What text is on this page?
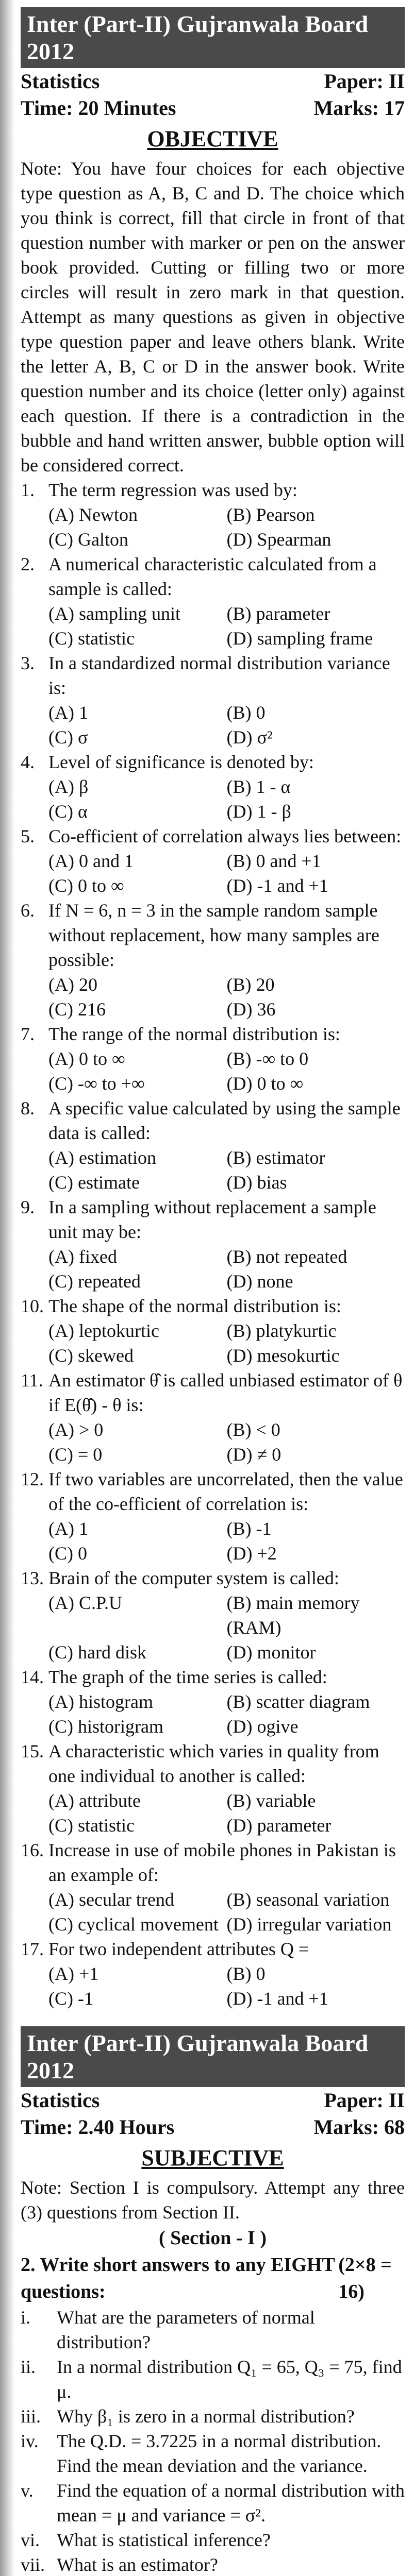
Inter (Part-II) Gujranwala Board 2012
Statistics	Paper: II
Time: 20 Minutes	Marks: 17
OBJECTIVE
Note: You have four choices for each objective type question as A, B, C and D. The choice which you think is correct, fill that circle in front of that question number with marker or pen on the answer book provided. Cutting or filling two or more circles will result in zero mark in that question. Attempt as many questions as given in objective type question paper and leave others blank. Write the letter A, B, C or D in the answer book. Write question number and its choice (letter only) against each question. If there is a contradiction in the bubble and hand written answer, bubble option will be considered correct.
1. The term regression was used by:
(A) Newton	(B) Pearson
(C) Galton	(D) Spearman
2. A numerical characteristic calculated from a sample is called:
(A) sampling unit	(B) parameter
(C) statistic	(D) sampling frame
3. In a standardized normal distribution variance is:
(A) 1	(B) 0
(C) σ	(D) σ²
4. Level of significance is denoted by:
(A) β	(B) 1 - α
(C) α	(D) 1 - β
5. Co-efficient of correlation always lies between:
(A) 0 and 1	(B) 0 and +1
(C) 0 to ∞	(D) -1 and +1
6. If N = 6, n = 3 in the sample random sample without replacement, how many samples are possible:
(A) 20	(B) 20
(C) 216	(D) 36
7. The range of the normal distribution is:
(A) 0 to ∞	(B) -∞ to 0
(C) -∞ to +∞	(D) 0 to ∞
8. A specific value calculated by using the sample data is called:
(A) estimation	(B) estimator
(C) estimate	(D) bias
9. In a sampling without replacement a sample unit may be:
(A) fixed	(B) not repeated
(C) repeated	(D) none
10. The shape of the normal distribution is:
(A) leptokurtic	(B) platykurtic
(C) skewed	(D) mesokurtic
11. An estimator θ̂ is called unbiased estimator of θ if E(θ̂) - θ is:
(A) > 0	(B) < 0
(C) = 0	(D) ≠ 0
12. If two variables are uncorrelated, then the value of the co-efficient of correlation is:
(A) 1	(B) -1
(C) 0	(D) +2
13. Brain of the computer system is called:
(A) C.P.U	(B) main memory (RAM)
(C) hard disk	(D) monitor
14. The graph of the time series is called:
(A) histogram	(B) scatter diagram
(C) historigram	(D) ogive
15. A characteristic which varies in quality from one individual to another is called:
(A) attribute	(B) variable
(C) statistic	(D) parameter
16. Increase in use of mobile phones in Pakistan is an example of:
(A) secular trend	(B) seasonal variation
(C) cyclical movement (D) irregular variation
17. For two independent attributes Q =
(A) +1	(B) 0
(C) -1	(D) -1 and +1
Inter (Part-II) Gujranwala Board 2012
Statistics	Paper: II
Time: 2.40 Hours	Marks: 68
SUBJECTIVE
Note: Section I is compulsory. Attempt any three (3) questions from Section II.
( Section - I )
2. Write short answers to any EIGHT questions:
(2×8 = 16)
i.	What are the parameters of normal distribution?
ii.	In a normal distribution Q₁ = 65, Q₃ = 75, find μ.
iii. Why β₁ is zero in a normal distribution?
iv. The Q.D. = 3.7225 in a normal distribution. Find the mean deviation and the variance.
v.	Find the equation of a normal distribution with mean = μ and variance = σ².
vi. What is statistical inference?
vii. What is an estimator?
